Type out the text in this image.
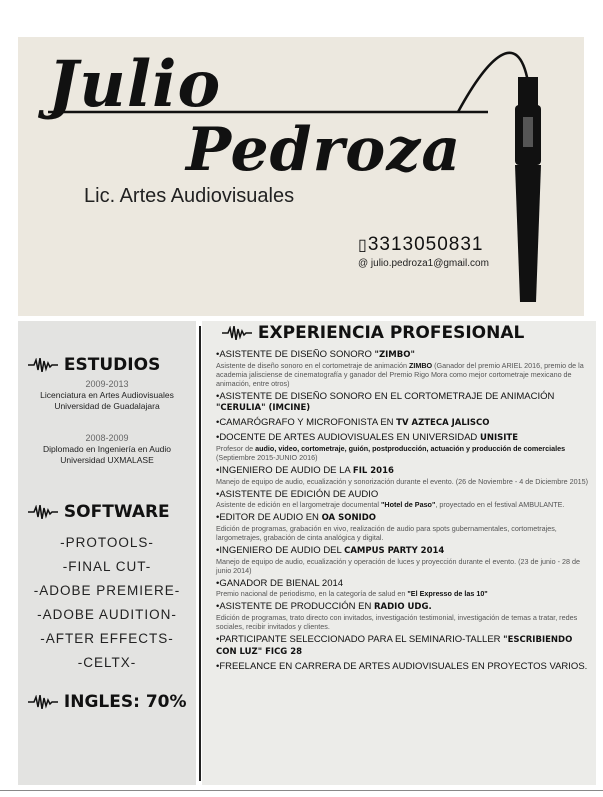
Julio
Pedroza
Lic. Artes Audiovisuales
▯3313050831
@ julio.pedroza1@gmail.com
ESTUDIOS
2009-2013
Licenciatura en Artes Audiovisuales
Universidad de Guadalajara
2008-2009
Diplomado en Ingeniería en Audio
Universidad UXMALASE
SOFTWARE
-PROTOOLS-
-FINAL CUT-
-ADOBE PREMIERE-
-ADOBE AUDITION-
-AFTER EFFECTS-
-CELTX-
INGLES: 70%
EXPERIENCIA PROFESIONAL
•ASISTENTE DE DISEÑO SONORO "ZIMBO"
Asistente de diseño sonoro en el cortometraje de animación ZIMBO (Ganador del premio ARIEL 2016, premio de la academia jalisciense de cinematografía y ganador del Premio Rigo Mora como mejor cortometraje mexicano de animación, entre otros)
•ASISTENTE DE DISEÑO SONORO EN EL CORTOMETRAJE DE ANIMACIÓN "CERULIA" (IMCINE)
•CAMARÓGRAFO Y MICROFONISTA EN TV AZTECA JALISCO
•DOCENTE DE ARTES AUDIOVISUALES EN UNIVERSIDAD UNISITE
Profesor de audio, video, cortometraje, guión, postproducción, actuación y producción de comerciales (Septiembre 2015-JUNIO 2016)
•INGENIERO DE AUDIO DE LA FIL 2016
Manejo de equipo de audio, ecualización y sonorización durante el evento. (26 de Noviembre - 4 de Diciembre 2015)
•ASISTENTE DE EDICIÓN DE AUDIO
Asistente de edición en el largometraje documental "Hotel de Paso", proyectado en el festival AMBULANTE.
•EDITOR DE AUDIO EN OA SONIDO
Edición de programas, grabación en vivo, realización de audio para spots gubernamentales, cortometrajes, largometrajes, grabación de cinta analógica y digital.
•INGENIERO DE AUDIO DEL CAMPUS PARTY 2014
Manejo de equipo de audio, ecualización y operación de luces y proyección durante el evento. (23 de junio - 28 de junio 2014)
•GANADOR DE BIENAL 2014
Premio nacional de periodismo, en la categoría de salud en "El Expresso de las 10"
•ASISTENTE DE PRODUCCIÓN EN RADIO UDG.
Edición de programas, trato directo con invitados, investigación testimonial, investigación de temas a tratar, redes sociales, recibir invitados y clientes.
•PARTICIPANTE SELECCIONADO PARA EL SEMINARIO-TALLER "ESCRIBIENDO CON LUZ" FICG 28
•FREELANCE EN CARRERA DE ARTES AUDIOVISUALES EN PROYECTOS VARIOS.
